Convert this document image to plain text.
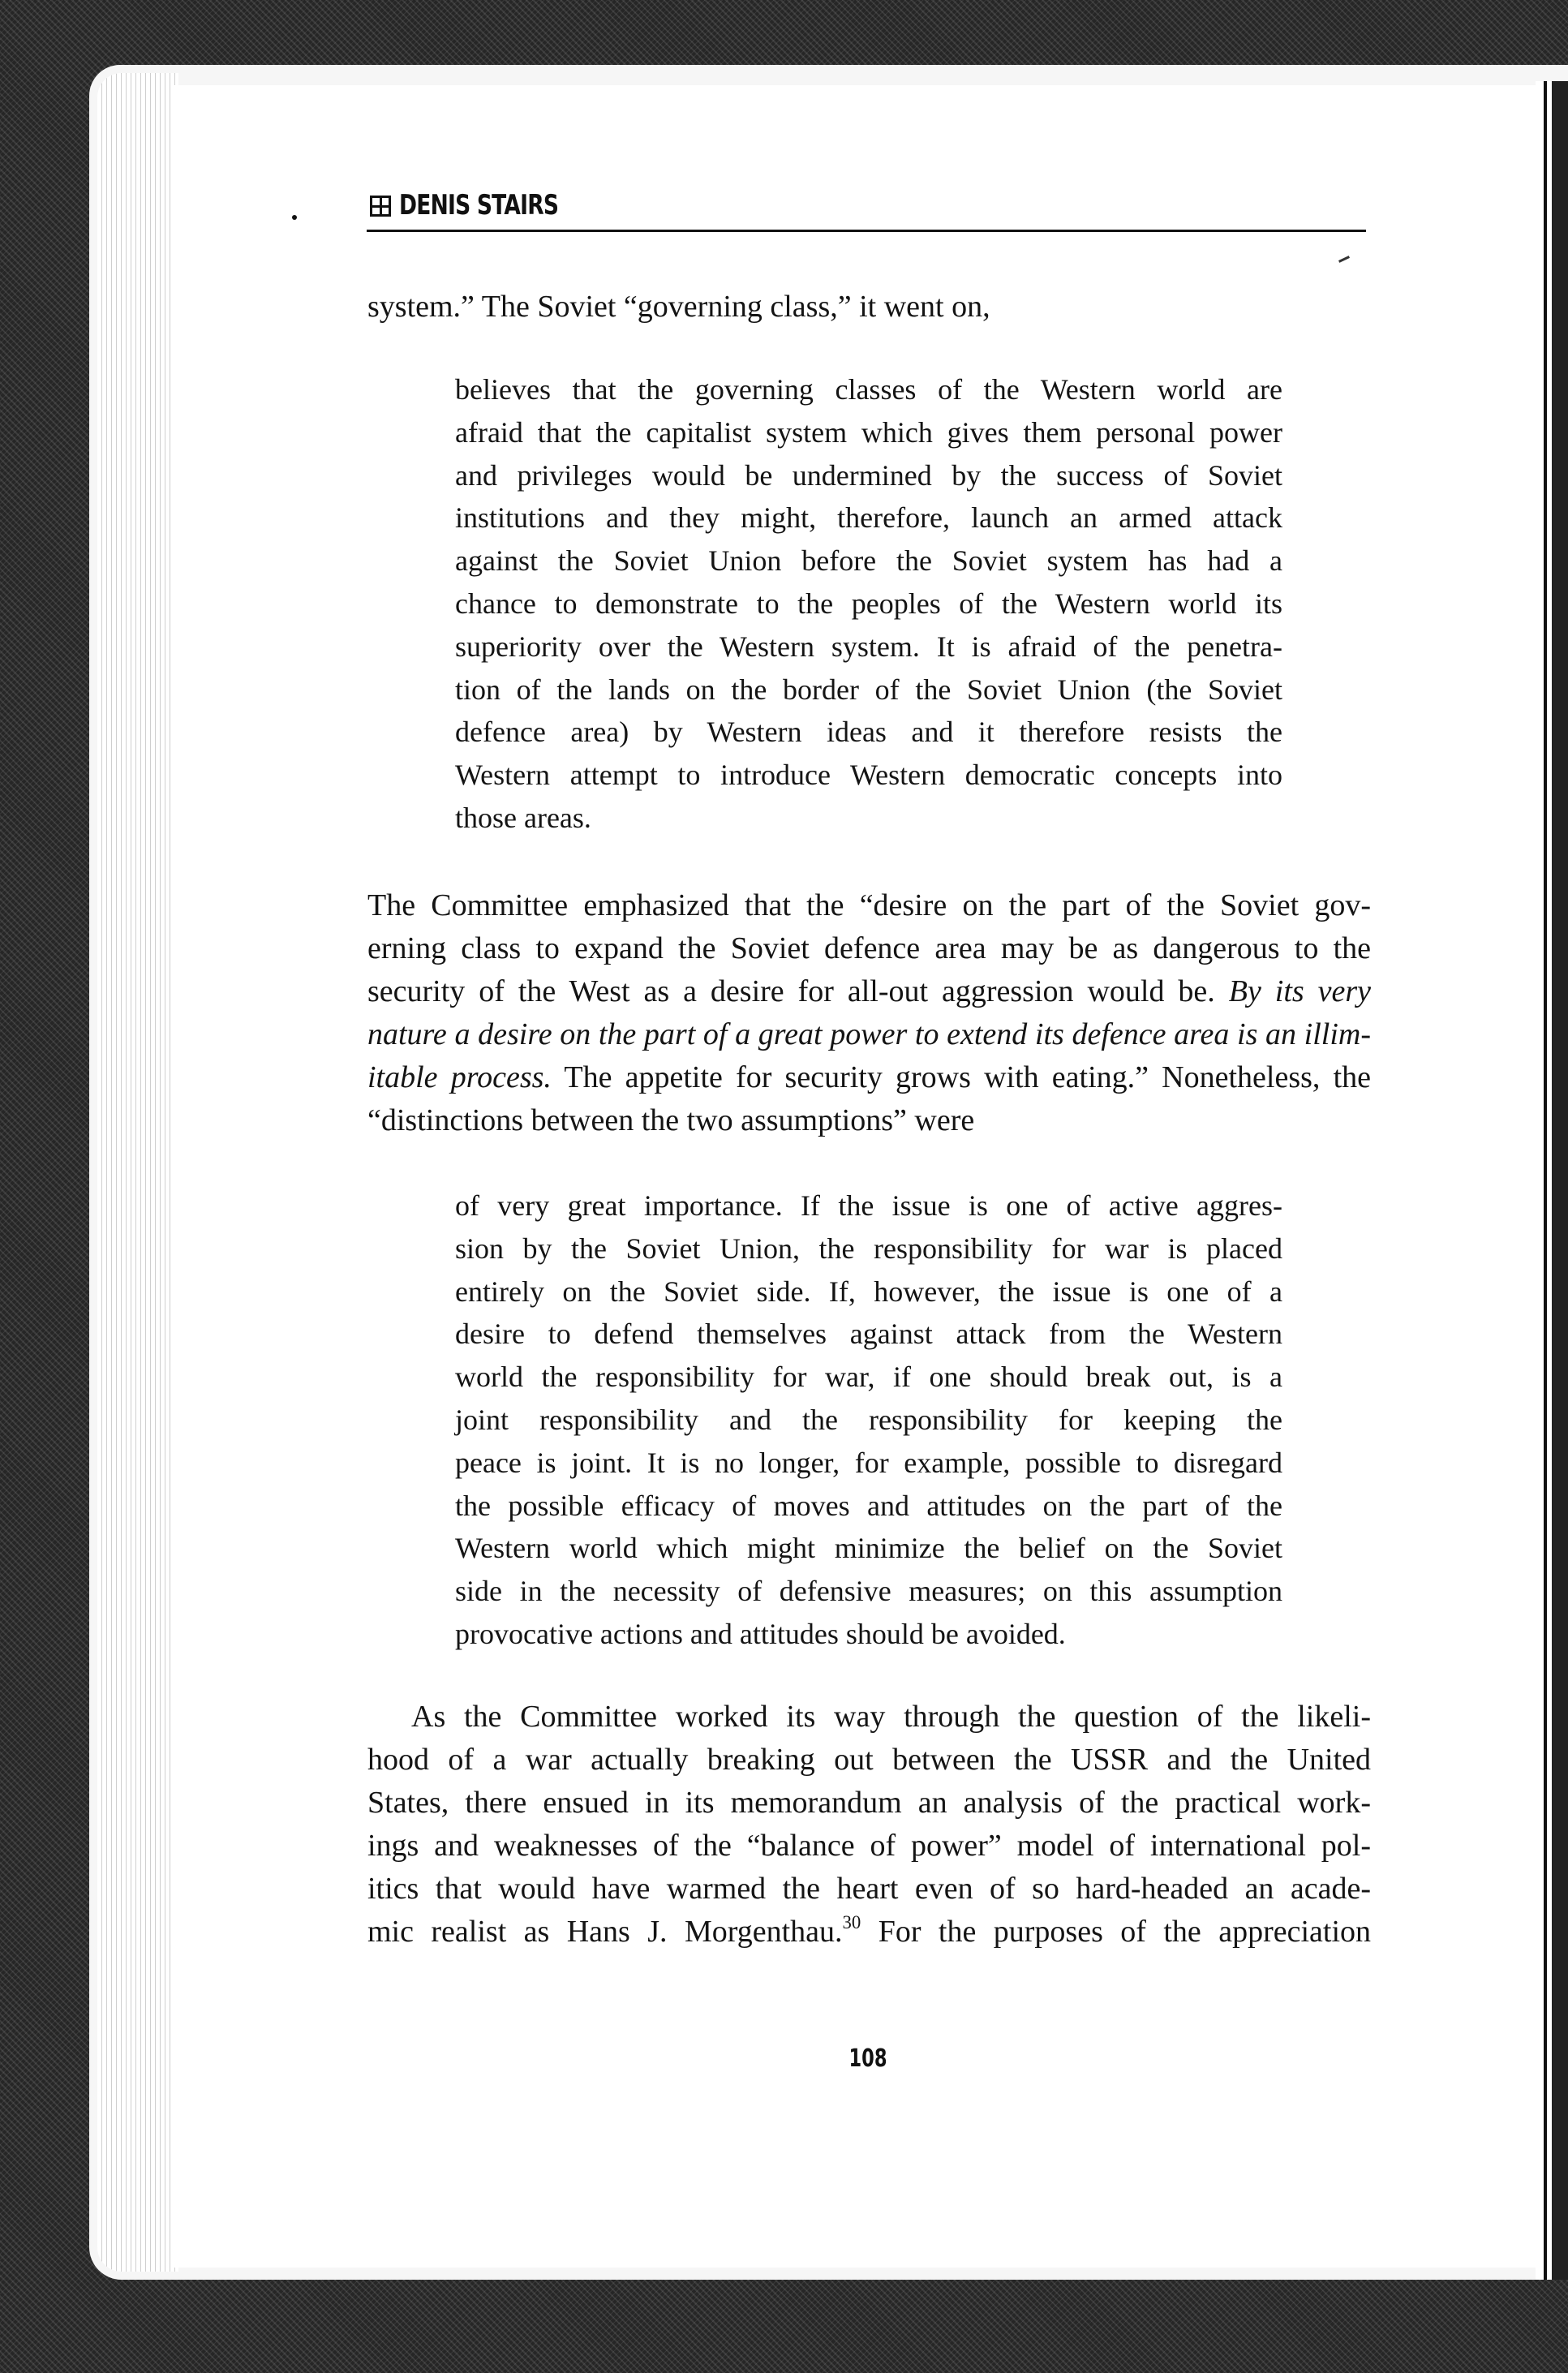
DENIS STAIRS
system.” The Soviet “governing class,” it went on,
believes that the governing classes of the Western world are
afraid that the capitalist system which gives them personal power
and privileges would be undermined by the success of Soviet
institutions and they might, therefore, launch an armed attack
against the Soviet Union before the Soviet system has had a
chance to demonstrate to the peoples of the Western world its
superiority over the Western system. It is afraid of the penetra-
tion of the lands on the border of the Soviet Union (the Soviet
defence area) by Western ideas and it therefore resists the
Western attempt to introduce Western democratic concepts into
those areas.
The Committee emphasized that the “desire on the part of the Soviet gov-
erning class to expand the Soviet defence area may be as dangerous to the
security of the West as a desire for all-out aggression would be. By its very
nature a desire on the part of a great power to extend its defence area is an illim-
itable process. The appetite for security grows with eating.” Nonetheless, the
“distinctions between the two assumptions” were
of very great importance. If the issue is one of active aggres-
sion by the Soviet Union, the responsibility for war is placed
entirely on the Soviet side. If, however, the issue is one of a
desire to defend themselves against attack from the Western
world the responsibility for war, if one should break out, is a
joint responsibility and the responsibility for keeping the
peace is joint. It is no longer, for example, possible to disregard
the possible efficacy of moves and attitudes on the part of the
Western world which might minimize the belief on the Soviet
side in the necessity of defensive measures; on this assumption
provocative actions and attitudes should be avoided.
As the Committee worked its way through the question of the likeli-
hood of a war actually breaking out between the USSR and the United
States, there ensued in its memorandum an analysis of the practical work-
ings and weaknesses of the “balance of power” model of international pol-
itics that would have warmed the heart even of so hard-headed an acade-
mic realist as Hans J. Morgenthau.$^{30}$ For the purposes of the appreciation
108
